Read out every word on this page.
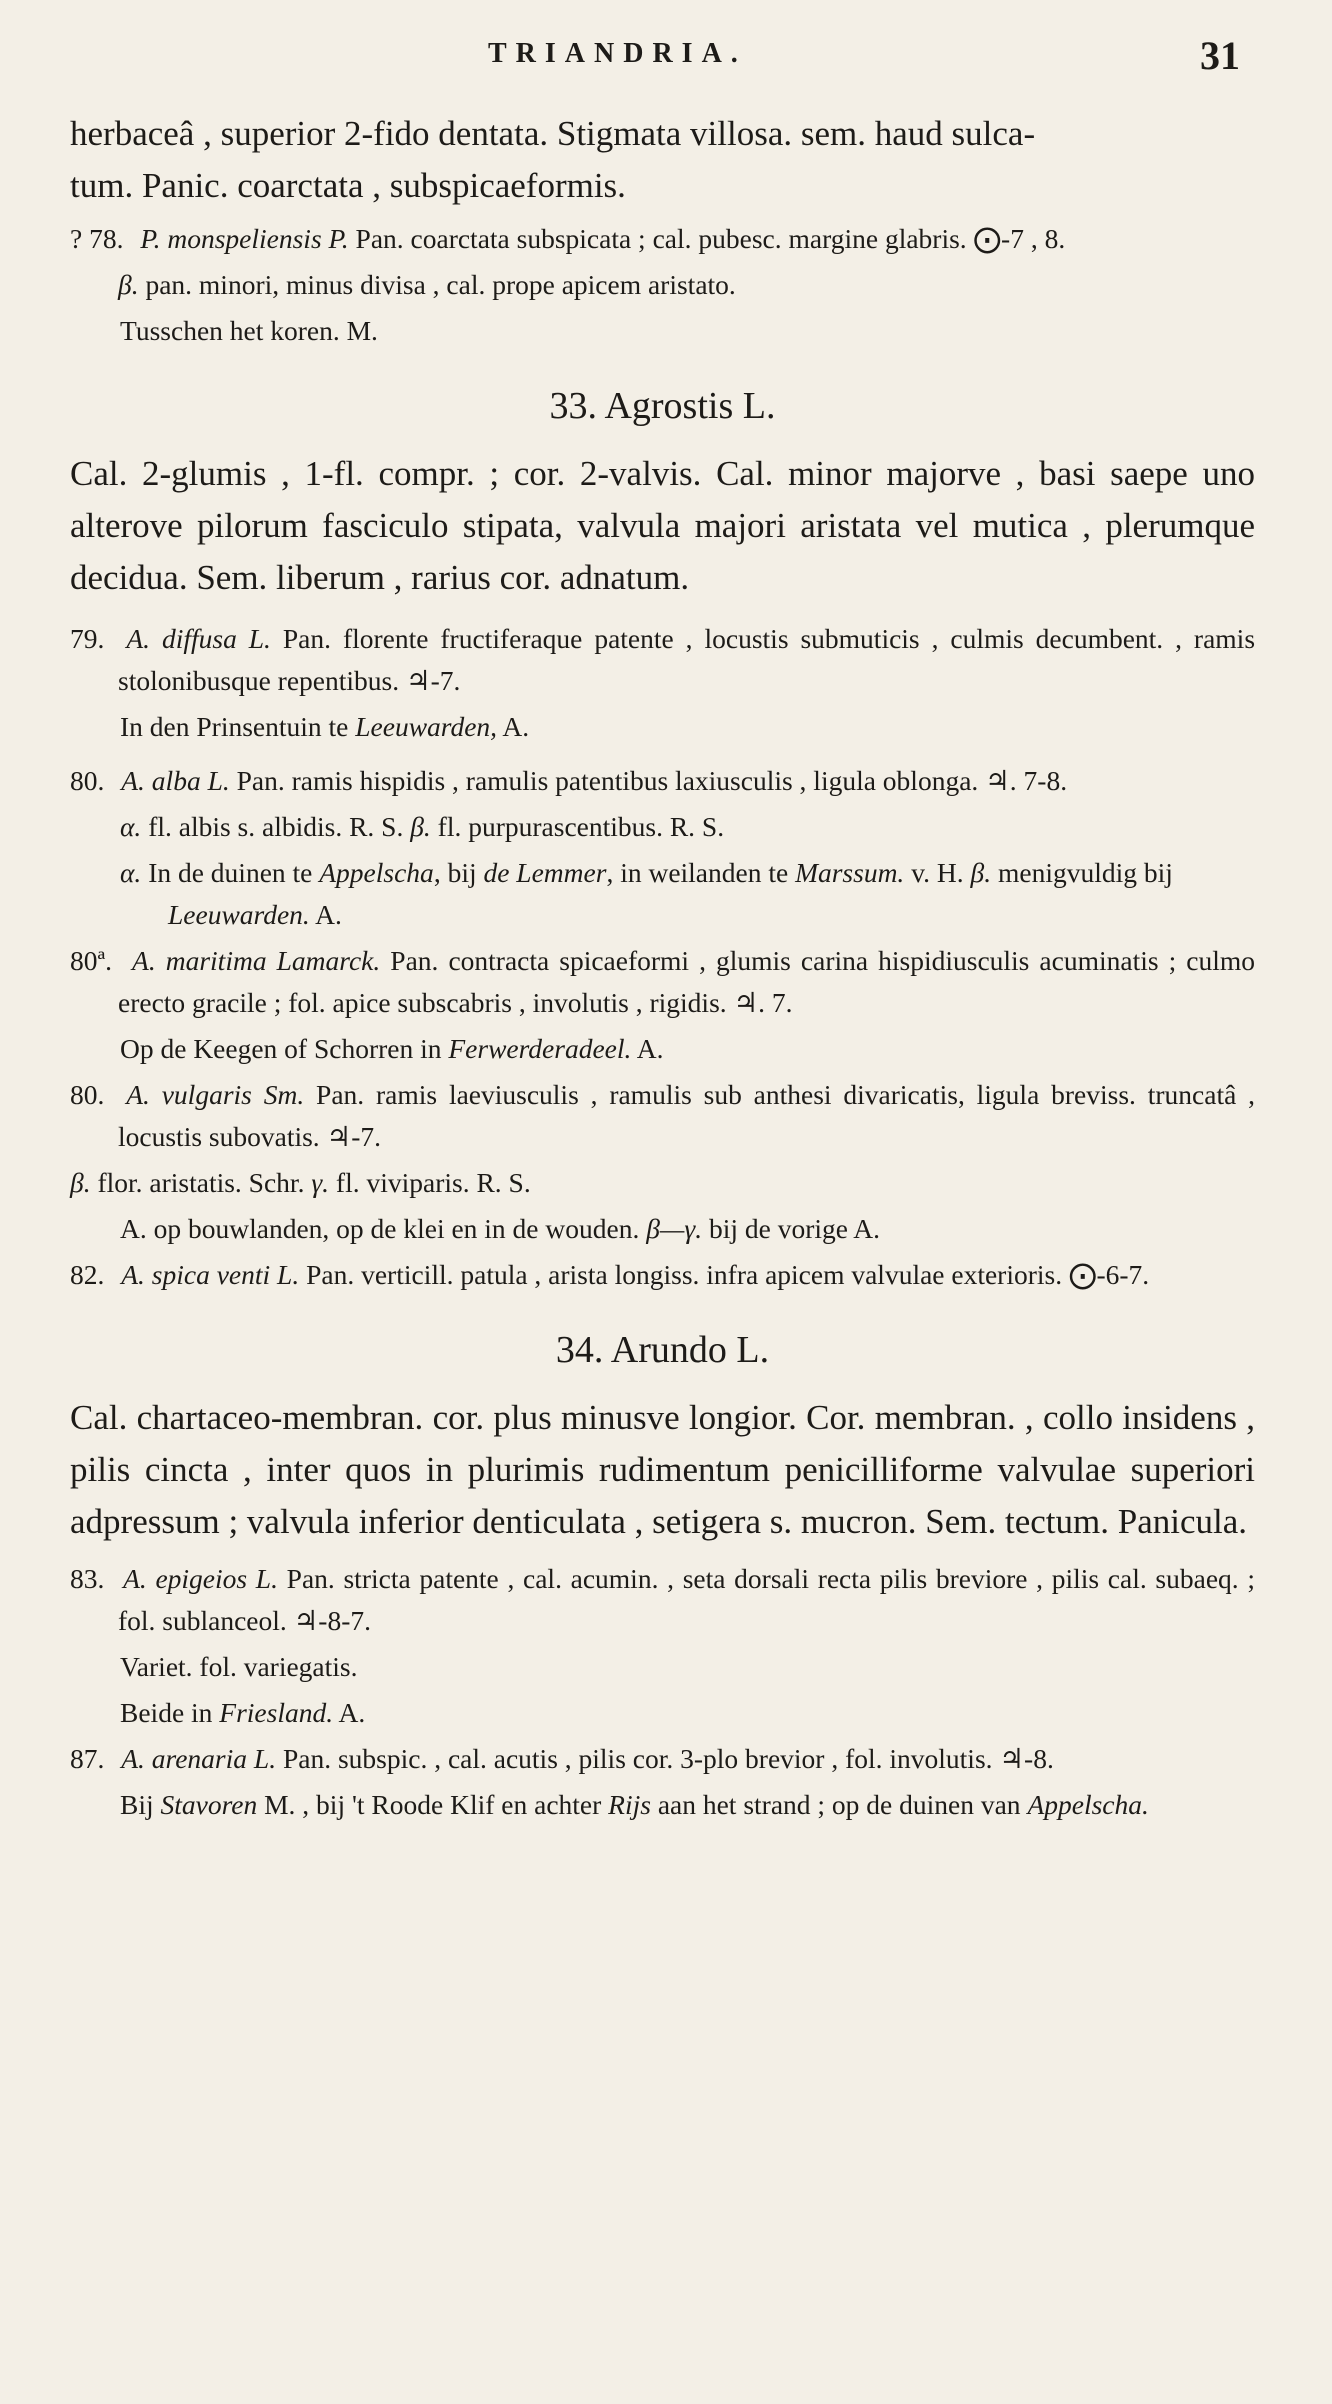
TRIANDRIA.	31

herbaceâ , superior 2-fido dentata. Stigmata villosa. sem. haud sulca-
tum. Panic. coarctata , subspicaeformis.

? 78. P. monspeliensis P. Pan. coarctata subspicata ; cal. pubesc. margine glabris. ⨀-7 , 8.
β. pan. minori, minus divisa , cal. prope apicem aristato.
Tusschen het koren. M.
33. Agrostis L.

Cal. 2-glumis , 1-fl. compr. ; cor. 2-valvis. Cal. minor majorve , basi saepe uno alterove pilorum fasciculo stipata, valvula majori aristata vel mutica , plerumque decidua. Sem. liberum , rarius cor. adnatum.

79. A. diffusa L. Pan. florente fructiferaque patente , locustis submuticis , culmis decumbent. , ramis stolonibusque repentibus. ♃-7.
In den Prinsentuin te Leeuwarden, A.
80. A. alba L. Pan. ramis hispidis , ramulis patentibus laxiusculis , ligula oblonga. ♃. 7-8.
α. fl. albis s. albidis. R. S. β. fl. purpurascentibus. R. S.
α. In de duinen te Appelscha, bij de Lemmer, in weilanden te Marssum. v. H. β. menigvuldig bij Leeuwarden. A.
80ª. A. maritima Lamarck. Pan. contracta spicaeformi , glumis carina hispidiusculis acuminatis ; culmo erecto gracile ; fol. apice subscabris , involutis , rigidis. ♃. 7.
Op de Keegen of Schorren in Ferwerderadeel. A.
80. A. vulgaris Sm. Pan. ramis laeviusculis , ramulis sub anthesi divaricatis, ligula breviss. truncatâ , locustis subovatis. ♃-7.
β. flor. aristatis. Schr. γ. fl. viviparis. R. S.
A. op bouwlanden, op de klei en in de wouden. β—γ. bij de vorige A.
82. A. spica venti L. Pan. verticill. patula , arista longiss. infra apicem valvulae exterioris. ⨀-6-7.
34. Arundo L.

Cal. chartaceo-membran. cor. plus minusve longior. Cor. membran. , collo insidens , pilis cincta , inter quos in plurimis rudimentum penicilliforme valvulae superiori adpressum ; valvula inferior denticulata , setigera s. mucron. Sem. tectum. Panicula.

83. A. epigeios L. Pan. stricta patente , cal. acumin. , seta dorsali recta pilis breviore , pilis cal. subaeq. ; fol. sublanceol. ♃-8-7.
Variet. fol. variegatis.
Beide in Friesland. A.
87. A. arenaria L. Pan. subspic. , cal. acutis , pilis cor. 3-plo brevior , fol. involutis. ♃-8.
Bij Stavoren M. , bij 't Roode Klif en achter Rijs aan het strand ; op de duinen van Appelscha.
